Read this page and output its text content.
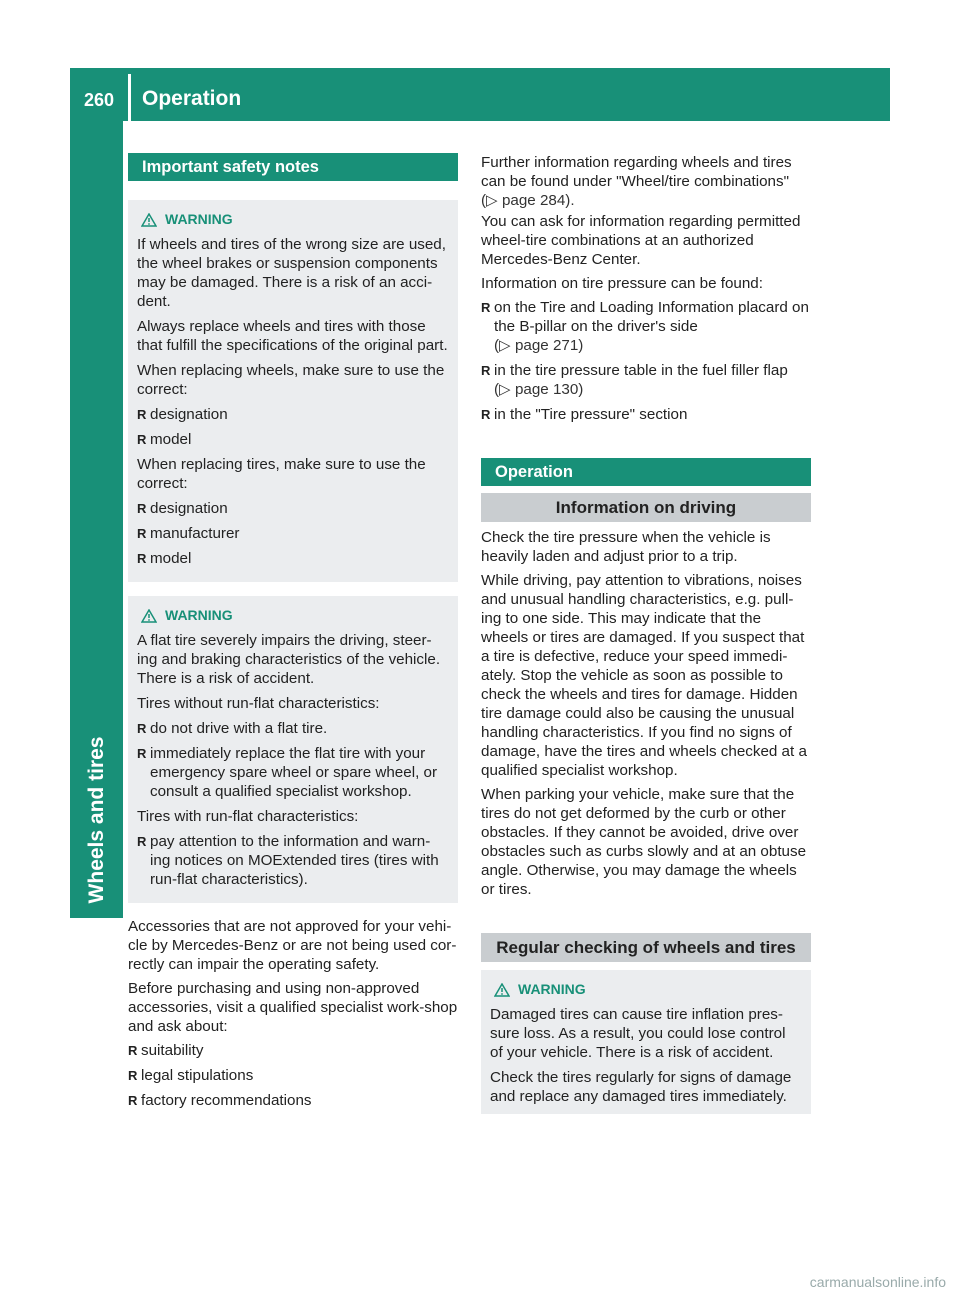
260 Operation
Wheels and tires
Important safety notes
WARNING

If wheels and tires of the wrong size are used, the wheel brakes or suspension components may be damaged. There is a risk of an acci-dent.

Always replace wheels and tires with those that fulfill the specifications of the original part.

When replacing wheels, make sure to use the correct:

R designation
R model

When replacing tires, make sure to use the correct:

R designation
R manufacturer
R model
WARNING

A flat tire severely impairs the driving, steer-ing and braking characteristics of the vehicle. There is a risk of accident.

Tires without run-flat characteristics:

R do not drive with a flat tire.
R immediately replace the flat tire with your emergency spare wheel or spare wheel, or consult a qualified specialist workshop.

Tires with run-flat characteristics:

R pay attention to the information and warn-ing notices on MOExtended tires (tires with run-flat characteristics).

Accessories that are not approved for your vehi-cle by Mercedes-Benz or are not being used cor-rectly can impair the operating safety.

Before purchasing and using non-approved accessories, visit a qualified specialist work-shop and ask about:

R suitability
R legal stipulations
R factory recommendations

Further information regarding wheels and tires can be found under "Wheel/tire combinations"
(▷ page 284).

You can ask for information regarding permitted wheel-tire combinations at an authorized Mercedes-Benz Center.

Information on tire pressure can be found:

R on the Tire and Loading Information placard on the B-pillar on the driver's side
(▷ page 271)
R in the tire pressure table in the fuel filler flap
(▷ page 130)
R in the "Tire pressure" section
Operation
Information on driving

Check the tire pressure when the vehicle is heavily laden and adjust prior to a trip.

While driving, pay attention to vibrations, noises and unusual handling characteristics, e.g. pull-ing to one side. This may indicate that the wheels or tires are damaged. If you suspect that a tire is defective, reduce your speed immedi-ately. Stop the vehicle as soon as possible to check the wheels and tires for damage. Hidden tire damage could also be causing the unusual handling characteristics. If you find no signs of damage, have the tires and wheels checked at a qualified specialist workshop.

When parking your vehicle, make sure that the tires do not get deformed by the curb or other obstacles. If they cannot be avoided, drive over obstacles such as curbs slowly and at an obtuse angle. Otherwise, you may damage the wheels or tires.

Regular checking of wheels and tires
WARNING

Damaged tires can cause tire inflation pres-sure loss. As a result, you could lose control of your vehicle. There is a risk of accident.

Check the tires regularly for signs of damage and replace any damaged tires immediately.

carmanualsonline.info
